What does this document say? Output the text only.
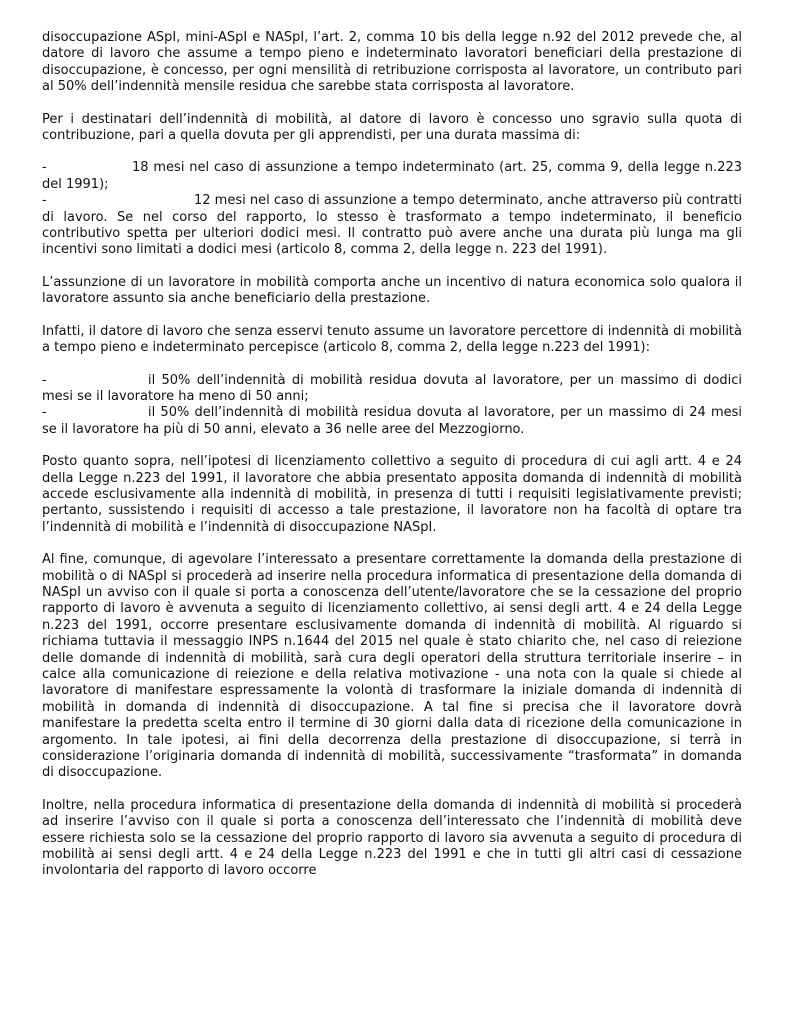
disoccupazione ASpI, mini-ASpI e NASpI, l’art. 2, comma 10 bis della legge n.92 del 2012 prevede che, al datore di lavoro che assume a tempo pieno e indeterminato lavoratori beneficiari della prestazione di disoccupazione, è concesso, per ogni mensilità di retribuzione corrisposta al lavoratore, un contributo pari al 50% dell’indennità mensile residua che sarebbe stata corrisposta al lavoratore.

Per i destinatari dell’indennità di mobilità, al datore di lavoro è concesso uno sgravio sulla quota di contribuzione, pari a quella dovuta per gli apprendisti, per una durata massima di:

-	18 mesi nel caso di assunzione a tempo indeterminato (art. 25, comma 9, della legge n.223 del 1991);
-	12 mesi nel caso di assunzione a tempo determinato, anche attraverso più contratti di lavoro. Se nel corso del rapporto, lo stesso è trasformato a tempo indeterminato, il beneficio contributivo spetta per ulteriori dodici mesi. Il contratto può avere anche una durata più lunga ma gli incentivi sono limitati a dodici mesi (articolo 8, comma 2, della legge n. 223 del 1991).

L’assunzione di un lavoratore in mobilità comporta anche un incentivo di natura economica solo qualora il lavoratore assunto sia anche beneficiario della prestazione.

Infatti, il datore di lavoro che senza esservi tenuto assume un lavoratore percettore di indennità di mobilità a tempo pieno e indeterminato percepisce (articolo 8, comma 2, della legge n.223 del 1991):

-	il 50% dell’indennità di mobilità residua dovuta al lavoratore, per un massimo di dodici mesi se il lavoratore ha meno di 50 anni;
-	il 50% dell’indennità di mobilità residua dovuta al lavoratore, per un massimo di 24 mesi se il lavoratore ha più di 50 anni, elevato a 36 nelle aree del Mezzogiorno.

Posto quanto sopra, nell’ipotesi di licenziamento collettivo a seguito di procedura di cui agli artt. 4 e 24 della Legge n.223 del 1991, il lavoratore che abbia presentato apposita domanda di indennità di mobilità accede esclusivamente alla indennità di mobilità, in presenza di tutti i requisiti legislativamente previsti; pertanto, sussistendo i requisiti di accesso a tale prestazione, il lavoratore non ha facoltà di optare tra l’indennità di mobilità e l’indennità di disoccupazione NASpI.

Al fine, comunque, di agevolare l’interessato a presentare correttamente la domanda della prestazione di mobilità o di NASpI si procederà ad inserire nella procedura informatica di presentazione della domanda di NASpI un avviso con il quale si porta a conoscenza dell’utente/lavoratore che se la cessazione del proprio rapporto di lavoro è avvenuta a seguito di licenziamento collettivo, ai sensi degli artt. 4 e 24 della Legge n.223 del 1991, occorre presentare esclusivamente domanda di indennità di mobilità. Al riguardo si richiama tuttavia il messaggio INPS n.1644 del 2015 nel quale è stato chiarito che, nel caso di reiezione delle domande di indennità di mobilità, sarà cura degli operatori della struttura territoriale inserire – in calce alla comunicazione di reiezione e della relativa motivazione - una nota con la quale si chiede al lavoratore di manifestare espressamente la volontà di trasformare la iniziale domanda di indennità di mobilità in domanda di indennità di disoccupazione. A tal fine si precisa che il lavoratore dovrà manifestare la predetta scelta entro il termine di 30 giorni dalla data di ricezione della comunicazione in argomento. In tale ipotesi, ai fini della decorrenza della prestazione di disoccupazione, si terrà in considerazione l’originaria domanda di indennità di mobilità, successivamente “trasformata” in domanda di disoccupazione.

Inoltre, nella procedura informatica di presentazione della domanda di indennità di mobilità si procederà ad inserire l’avviso con il quale si porta a conoscenza dell’interessato che l’indennità di mobilità deve essere richiesta solo se la cessazione del proprio rapporto di lavoro sia avvenuta a seguito di procedura di mobilità ai sensi degli artt. 4 e 24 della Legge n.223 del 1991 e che in tutti gli altri casi di cessazione involontaria del rapporto di lavoro occorre
